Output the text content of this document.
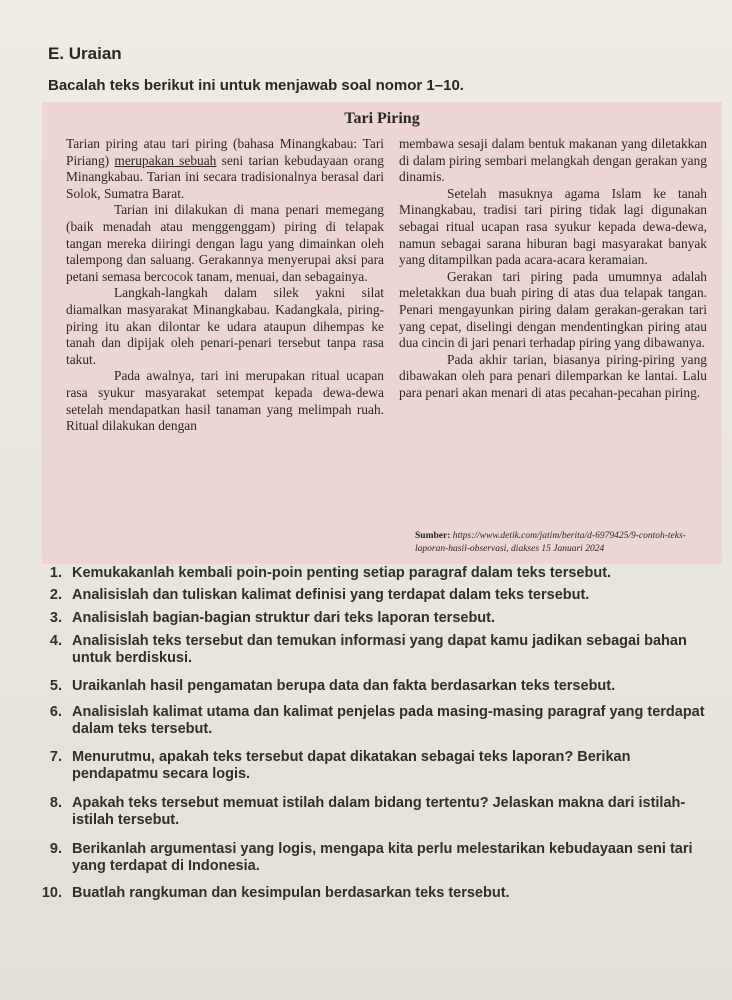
E. Uraian
Bacalah teks berikut ini untuk menjawab soal nomor 1–10.
Tari Piring

Tarian piring atau tari piring (bahasa Minangkabau: Tari Piriang) merupakan sebuah seni tarian kebudayaan orang Minangkabau. Tarian ini secara tradisionalnya berasal dari Solok, Sumatra Barat.

Tarian ini dilakukan di mana penari memegang (baik menadah atau menggenggam) piring di telapak tangan mereka diiringi dengan lagu yang dimainkan oleh talempong dan saluang. Gerakannya menyerupai aksi para petani semasa bercocok tanam, menuai, dan sebagainya.

Langkah-langkah dalam silek yakni silat diamalkan masyarakat Minangkabau. Kadangkala, piring-piring itu akan dilontar ke udara ataupun dihempas ke tanah dan dipijak oleh penari-penari tersebut tanpa rasa takut.

Pada awalnya, tari ini merupakan ritual ucapan rasa syukur masyarakat setempat kepada dewa-dewa setelah mendapatkan hasil tanaman yang melimpah ruah. Ritual dilakukan dengan

membawa sesaji dalam bentuk makanan yang diletakkan di dalam piring sembari melangkah dengan gerakan yang dinamis.

Setelah masuknya agama Islam ke tanah Minangkabau, tradisi tari piring tidak lagi digunakan sebagai ritual ucapan rasa syukur kepada dewa-dewa, namun sebagai sarana hiburan bagi masyarakat banyak yang ditampilkan pada acara-acara keramaian.

Gerakan tari piring pada umumnya adalah meletakkan dua buah piring di atas dua telapak tangan. Penari mengayunkan piring dalam gerakan-gerakan tari yang cepat, diselingi dengan mendentingkan piring atau dua cincin di jari penari terhadap piring yang dibawanya.

Pada akhir tarian, biasanya piring-piring yang dibawakan oleh para penari dilemparkan ke lantai. Lalu para penari akan menari di atas pecahan-pecahan piring.

Sumber: https://www.detik.com/jatim/berita/d-6979425/9-contoh-teks-laporan-hasil-observasi, diakses 15 Januari 2024
1. Kemukakanlah kembali poin-poin penting setiap paragraf dalam teks tersebut.
2. Analisislah dan tuliskan kalimat definisi yang terdapat dalam teks tersebut.
3. Analisislah bagian-bagian struktur dari teks laporan tersebut.
4. Analisislah teks tersebut dan temukan informasi yang dapat kamu jadikan sebagai bahan untuk berdiskusi.
5. Uraikanlah hasil pengamatan berupa data dan fakta berdasarkan teks tersebut.
6. Analisislah kalimat utama dan kalimat penjelas pada masing-masing paragraf yang terdapat dalam teks tersebut.
7. Menurutmu, apakah teks tersebut dapat dikatakan sebagai teks laporan? Berikan pendapatmu secara logis.
8. Apakah teks tersebut memuat istilah dalam bidang tertentu? Jelaskan makna dari istilah-istilah tersebut.
9. Berikanlah argumentasi yang logis, mengapa kita perlu melestarikan kebudayaan seni tari yang terdapat di Indonesia.
10. Buatlah rangkuman dan kesimpulan berdasarkan teks tersebut.
